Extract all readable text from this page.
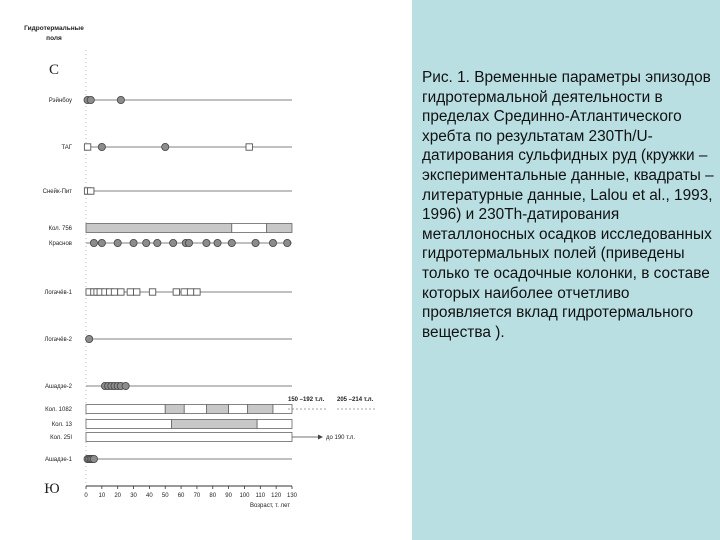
Гидротермальные
поля
С
Ю
Рэйнбоу
TAГ
Снейк-Пит
Кол. 756
Краснов
Логачёв-1
Логачёв-2
Ашадзе-2
Кол. 1082
150 –192 т.л. 205 –214 т.л.
Кол. 13
Кол. 25I	до 190 т.л.
Ашадзе-1
0 10 20 30 40 50 60 70 80 90 100 110 120 130
Возраст, т. лет

Рис. 1. Временные параметры эпизодов гидротермальной деятельности в пределах Срединно-Атлантического хребта по результатам 230Th/U-датирования сульфидных руд (кружки – экспериментальные данные, квадраты – литературные данные, Lalou et al., 1993, 1996) и 230Th-датирования металлоносных осадков исследованных гидротермальных полей (приведены только те осадочные колонки, в составе которых наиболее отчетливо проявляется вклад гидротермального вещества ).
